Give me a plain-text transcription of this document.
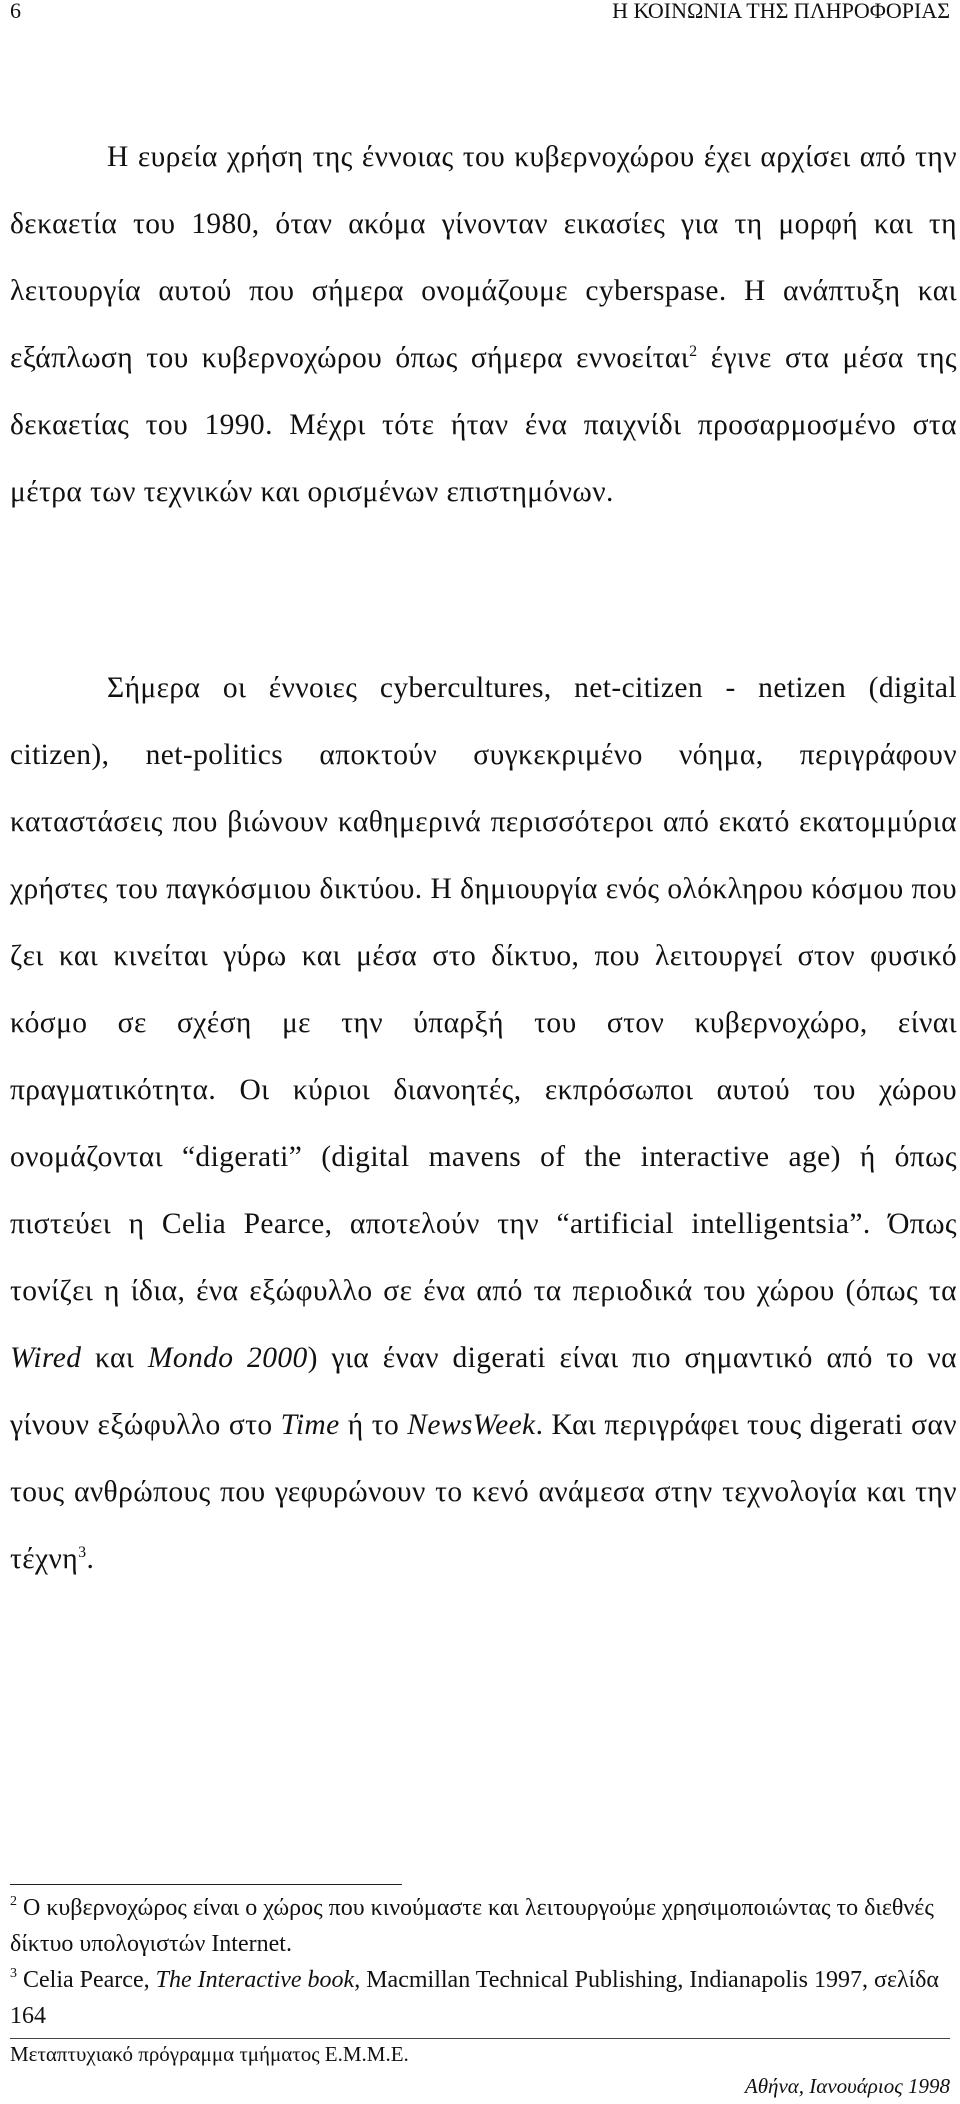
6	Η ΚΟΙΝΩΝΙΑ ΤΗΣ ΠΛΗΡΟΦΟΡΙΑΣ

Η ευρεία χρήση της έννοιας του κυβερνοχώρου έχει αρχίσει από την δεκαετία του 1980, όταν ακόμα γίνονταν εικασίες για τη μορφή και τη λειτουργία αυτού που σήμερα ονομάζουμε cyberspase. Η ανάπτυξη και εξάπλωση του κυβερνοχώρου όπως σήμερα εννοείται$^2$ έγινε στα μέσα της δεκαετίας του 1990. Μέχρι τότε ήταν ένα παιχνίδι προσαρμοσμένο στα μέτρα των τεχνικών και ορισμένων επιστημόνων.

Σήμερα οι έννοιες cybercultures, net-citizen - netizen (digital citizen), net-politics αποκτούν συγκεκριμένο νόημα, περιγράφουν καταστάσεις που βιώνουν καθημερινά περισσότεροι από εκατό εκατομμύρια χρήστες του παγκόσμιου δικτύου. Η δημιουργία ενός ολόκληρου κόσμου που ζει και κινείται γύρω και μέσα στο δίκτυο, που λειτουργεί στον φυσικό κόσμο σε σχέση με την ύπαρξή του στον κυβερνοχώρο, είναι πραγματικότητα. Οι κύριοι διανοητές, εκπρόσωποι αυτού του χώρου ονομάζονται “digerati” (digital mavens of the interactive age) ή όπως πιστεύει η Celia Pearce, αποτελούν την “artificial intelligentsia”. Όπως τονίζει η ίδια, ένα εξώφυλλο σε ένα από τα περιοδικά του χώρου (όπως τα Wired και Mondo 2000) για έναν digerati είναι πιο σημαντικό από το να γίνουν εξώφυλλο στο Time ή το NewsWeek. Και περιγράφει τους digerati σαν τους ανθρώπους που γεφυρώνουν το κενό ανάμεσα στην τεχνολογία και την τέχνη$^3$.

$^2$ Ο κυβερνοχώρος είναι ο χώρος που κινούμαστε και λειτουργούμε χρησιμοποιώντας το διεθνές δίκτυο υπολογιστών Internet.

$^3$ Celia Pearce, The Interactive book, Macmillan Technical Publishing, Indianapolis 1997, σελίδα 164

Μεταπτυχιακό πρόγραμμα τμήματος Ε.Μ.Μ.Ε.
Αθήνα, Ιανουάριος 1998
